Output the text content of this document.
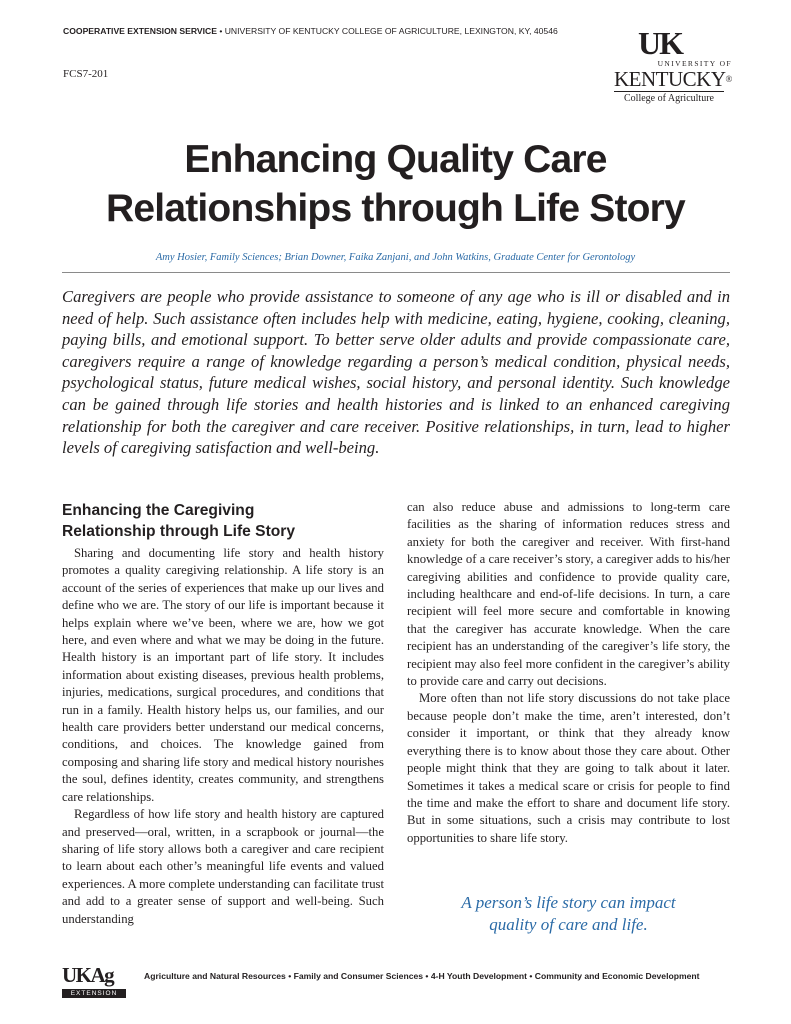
COOPERATIVE EXTENSION SERVICE • UNIVERSITY OF KENTUCKY COLLEGE OF AGRICULTURE, LEXINGTON, KY, 40546
FCS7-201
UK
UNIVERSITY OF
KENTUCKY®
College of Agriculture
Enhancing Quality Care
Relationships through Life Story
Amy Hosier, Family Sciences; Brian Downer, Faika Zanjani, and John Watkins, Graduate Center for Gerontology
Caregivers are people who provide assistance to someone of any age who is ill or disabled and in need of help. Such assistance often includes help with medicine, eating, hygiene, cooking, cleaning, paying bills, and emotional support. To better serve older adults and provide compassionate care, caregivers require a range of knowledge regarding a person’s medical condition, physical needs, psychological status, future medical wishes, social history, and personal identity. Such knowledge can be gained through life stories and health histories and is linked to an enhanced caregiving relationship for both the caregiver and care receiver. Positive relationships, in turn, lead to higher levels of caregiving satisfaction and well-being.
Enhancing the Caregiving
Relationship through Life Story

Sharing and documenting life story and health history promotes a quality caregiving relationship. A life story is an account of the series of experiences that make up our lives and define who we are. The story of our life is important because it helps explain where we’ve been, where we are, how we got here, and even where and what we may be doing in the future. Health history is an important part of life story. It includes information about existing diseases, previous health problems, injuries, medications, surgical procedures, and conditions that run in a family. Health history helps us, our families, and our health care providers better understand our medical concerns, conditions, and choices. The knowledge gained from composing and sharing life story and medical history nourishes the soul, defines identity, creates community, and strengthens care relationships.

Regardless of how life story and health history are captured and preserved—oral, written, in a scrapbook or journal—the sharing of life story allows both a caregiver and care recipient to learn about each other’s meaningful life events and valued experiences. A more complete understanding can facilitate trust and add to a greater sense of support and well-being. Such understanding

can also reduce abuse and admissions to long-term care facilities as the sharing of information reduces stress and anxiety for both the caregiver and receiver. With first-hand knowledge of a care receiver’s story, a caregiver adds to his/her caregiving abilities and confidence to provide quality care, including healthcare and end-of-life decisions. In turn, a care recipient will feel more secure and comfortable in knowing that the caregiver has accurate knowledge. When the care recipient has an understanding of the caregiver’s life story, the recipient may also feel more confident in the caregiver’s ability to provide care and carry out decisions.

More often than not life story discussions do not take place because people don’t make the time, aren’t interested, don’t consider it important, or think that they already know everything there is to know about those they care about. Other people might think that they are going to talk about it later. Sometimes it takes a medical scare or crisis for people to find the time and make the effort to share and document life story. But in some situations, such a crisis may contribute to lost opportunities to share life story.

A person’s life story can impact
quality of care and life.
UKAg
EXTENSION
Agriculture and Natural Resources • Family and Consumer Sciences • 4-H Youth Development • Community and Economic Development
